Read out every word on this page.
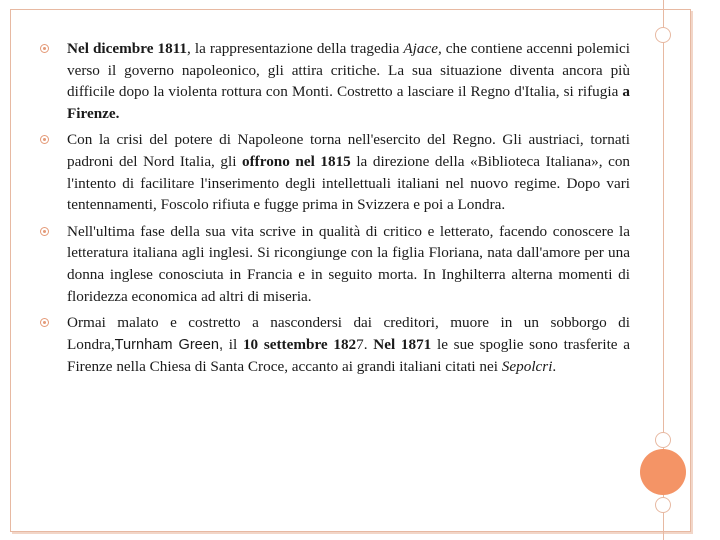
Nel dicembre 1811, la rappresentazione della tragedia Ajace, che contiene accenni polemici verso il governo napoleonico, gli attira critiche. La sua situazione diventa ancora più difficile dopo la violenta rottura con Monti. Costretto a lasciare il Regno d'Italia, si rifugia a Firenze.

Con la crisi del potere di Napoleone torna nell'esercito del Regno. Gli austriaci, tornati padroni del Nord Italia, gli offrono nel 1815 la direzione della «Biblioteca Italiana», con l'intento di facilitare l'inserimento degli intellettuali italiani nel nuovo regime. Dopo vari tentennamenti, Foscolo rifiuta e fugge prima in Svizzera e poi a Londra.

Nell'ultima fase della sua vita scrive in qualità di critico e letterato, facendo conoscere la letteratura italiana agli inglesi. Si ricongiunge con la figlia Floriana, nata dall'amore per una donna inglese conosciuta in Francia e in seguito morta. In Inghilterra alterna momenti di floridezza economica ad altri di miseria.

Ormai malato e costretto a nascondersi dai creditori, muore in un sobborgo di Londra,Turnham Green, il 10 settembre 1827. Nel 1871 le sue spoglie sono trasferite a Firenze nella Chiesa di Santa Croce, accanto ai grandi italiani citati nei Sepolcri.
